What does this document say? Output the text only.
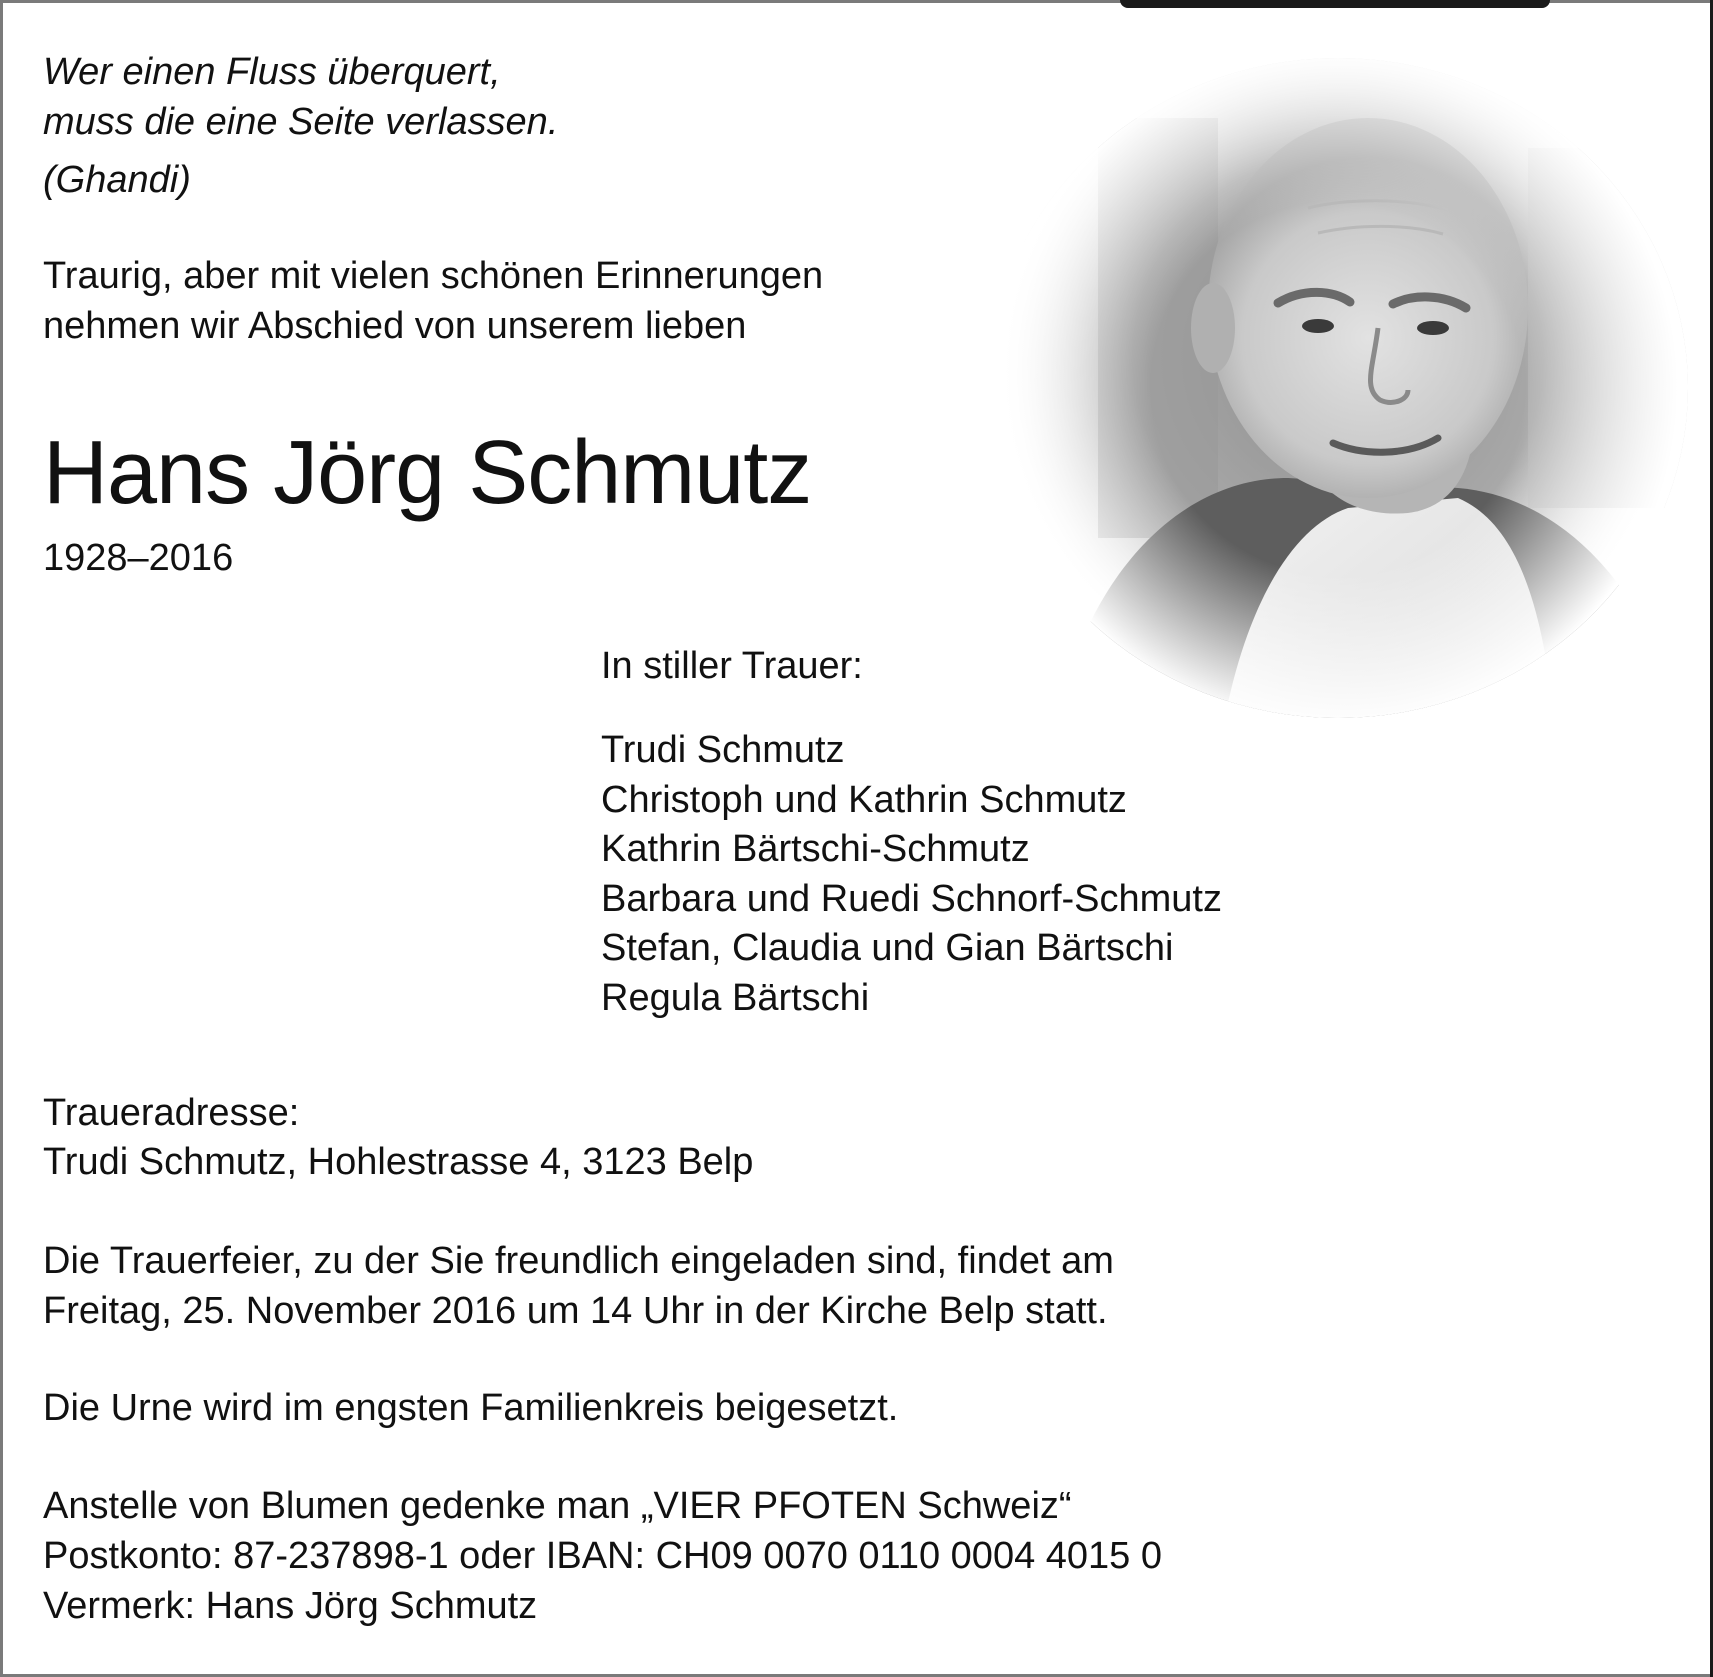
Wer einen Fluss überquert,
muss die eine Seite verlassen.

(Ghandi)

Traurig, aber mit vielen schönen Erinnerungen
nehmen wir Abschied von unserem lieben

Hans Jörg Schmutz

1928–2016

In stiller Trauer:

Trudi Schmutz
Christoph und Kathrin Schmutz
Kathrin Bärtschi-Schmutz
Barbara und Ruedi Schnorf-Schmutz
Stefan, Claudia und Gian Bärtschi
Regula Bärtschi

Traueradresse:

Trudi Schmutz, Hohlestrasse 4, 3123 Belp

Die Trauerfeier, zu der Sie freundlich eingeladen sind, findet am
Freitag, 25. November 2016 um 14 Uhr in der Kirche Belp statt.

Die Urne wird im engsten Familienkreis beigesetzt.

Anstelle von Blumen gedenke man „VIER PFOTEN Schweiz“
Postkonto: 87-237898-1 oder IBAN: CH09 0070 0110 0004 4015 0
Vermerk: Hans Jörg Schmutz
